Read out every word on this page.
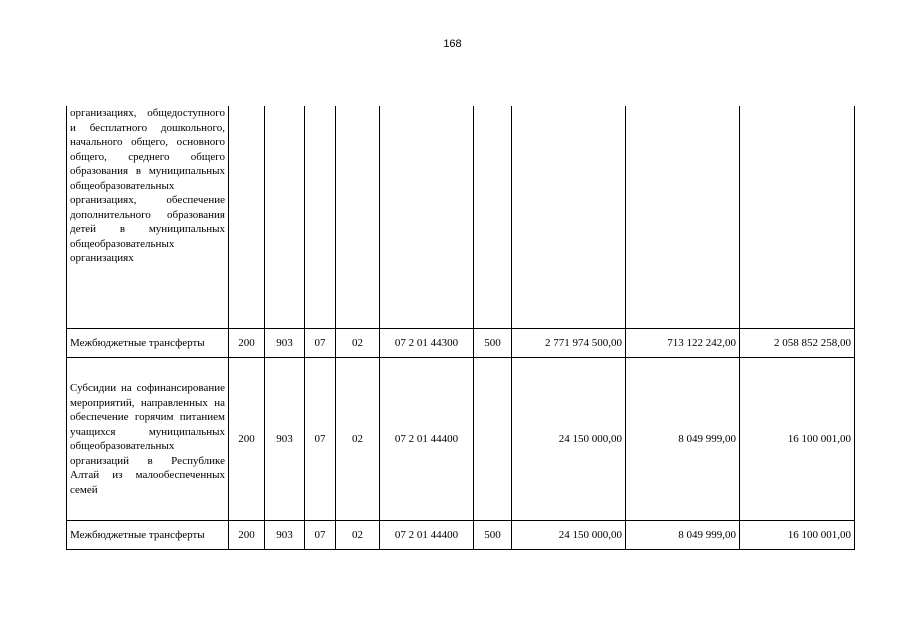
168
организациях, общедоступного и бесплатного дошкольного, начального общего, основного общего, среднего общего образования в муниципальных общеобразовательных организациях, обеспечение дополнительного образования детей в муниципальных общеобразовательных организациях									
Межбюджетные трансферты	200	903	07	02	07 2 01 44300	500	2 771 974 500,00	713 122 242,00	2 058 852 258,00
Субсидии на софинансирование мероприятий, направленных на обеспечение горячим питанием учащихся муниципальных общеобразовательных организаций в Республике Алтай из малообеспеченных семей	200	903	07	02	07 2 01 44400		24 150 000,00	8 049 999,00	16 100 001,00
Межбюджетные трансферты	200	903	07	02	07 2 01 44400	500	24 150 000,00	8 049 999,00	16 100 001,00
